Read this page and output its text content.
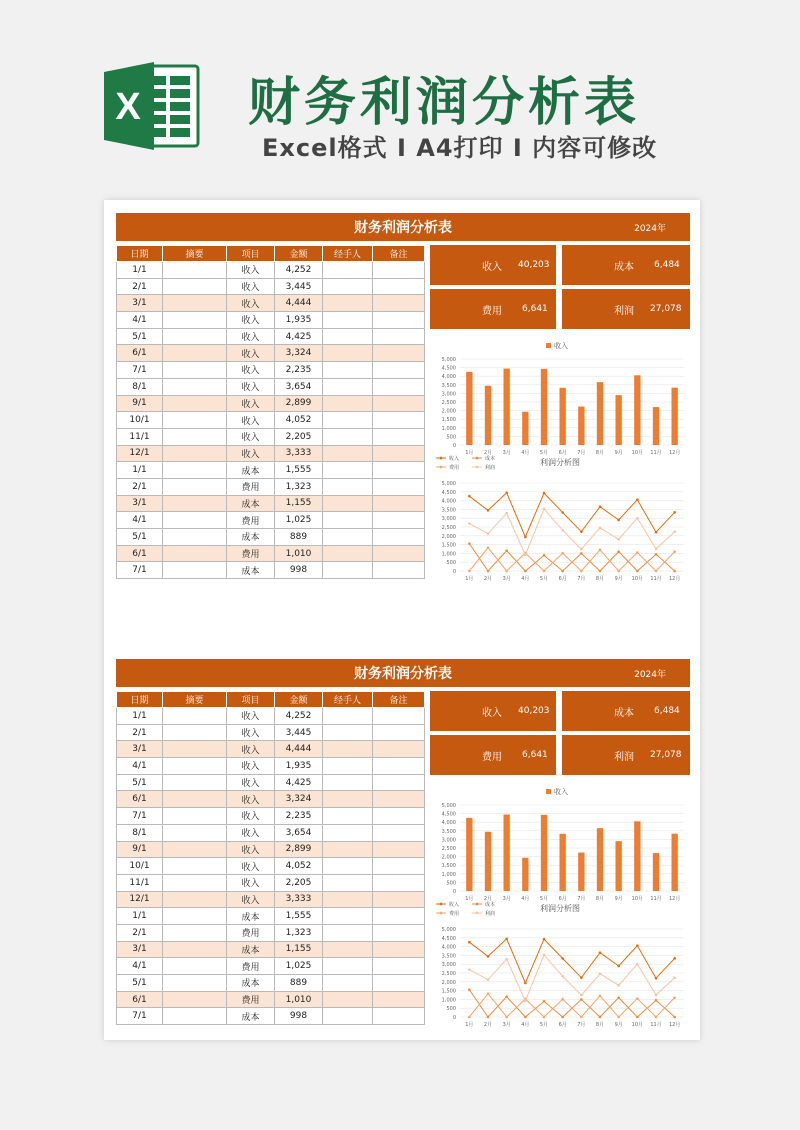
X 财务利润分析表
Excel格式 I A4打印 I 内容可修改
财务利润分析表	2024年
日期	摘要	项目	金额	经手人	备注
1/1		收入	4,252		
2/1		收入	3,445		
3/1		收入	4,444		
4/1		收入	1,935		
5/1		收入	4,425		
6/1		收入	3,324		
7/1		收入	2,235		
8/1		收入	3,654		
9/1		收入	2,899		
10/1		收入	4,052		
11/1		收入	2,205		
12/1		收入	3,333		
1/1		成本	1,555		
2/1		费用	1,323		
3/1		成本	1,155		
4/1		费用	1,025		
5/1		成本	889		
6/1		费用	1,010		
7/1		成本	998		
收入 40,203	成本 6,484
费用 6,641	利润 27,078
收入
0
500
1,000
1,500
2,000
2,500
3,000
3,500
4,000
4,500
5,000
1月 2月 3月 4月 5月 6月 7月 8月 9月 10月 11月 12月
收入	成本
费用	利润
利润分析图
0
500
1,000
1,500
2,000
2,500
3,000
3,500
4,000
4,500
5,000
1月 2月 3月 4月 5月 6月 7月 8月 9月 10月 11月 12月
财务利润分析表	2024年
日期	摘要	项目	金额	经手人	备注
1/1		收入	4,252		
2/1		收入	3,445		
3/1		收入	4,444		
4/1		收入	1,935		
5/1		收入	4,425		
6/1		收入	3,324		
7/1		收入	2,235		
8/1		收入	3,654		
9/1		收入	2,899		
10/1		收入	4,052		
11/1		收入	2,205		
12/1		收入	3,333		
1/1		成本	1,555		
2/1		费用	1,323		
3/1		成本	1,155		
4/1		费用	1,025		
5/1		成本	889		
6/1		费用	1,010		
7/1		成本	998		
收入 40,203	成本 6,484
费用 6,641	利润 27,078
收入
0
500
1,000
1,500
2,000
2,500
3,000
3,500
4,000
4,500
5,000
1月 2月 3月 4月 5月 6月 7月 8月 9月 10月 11月 12月
收入	成本
费用	利润
利润分析图
0
500
1,000
1,500
2,000
2,500
3,000
3,500
4,000
4,500
5,000
1月 2月 3月 4月 5月 6月 7月 8月 9月 10月 11月 12月
